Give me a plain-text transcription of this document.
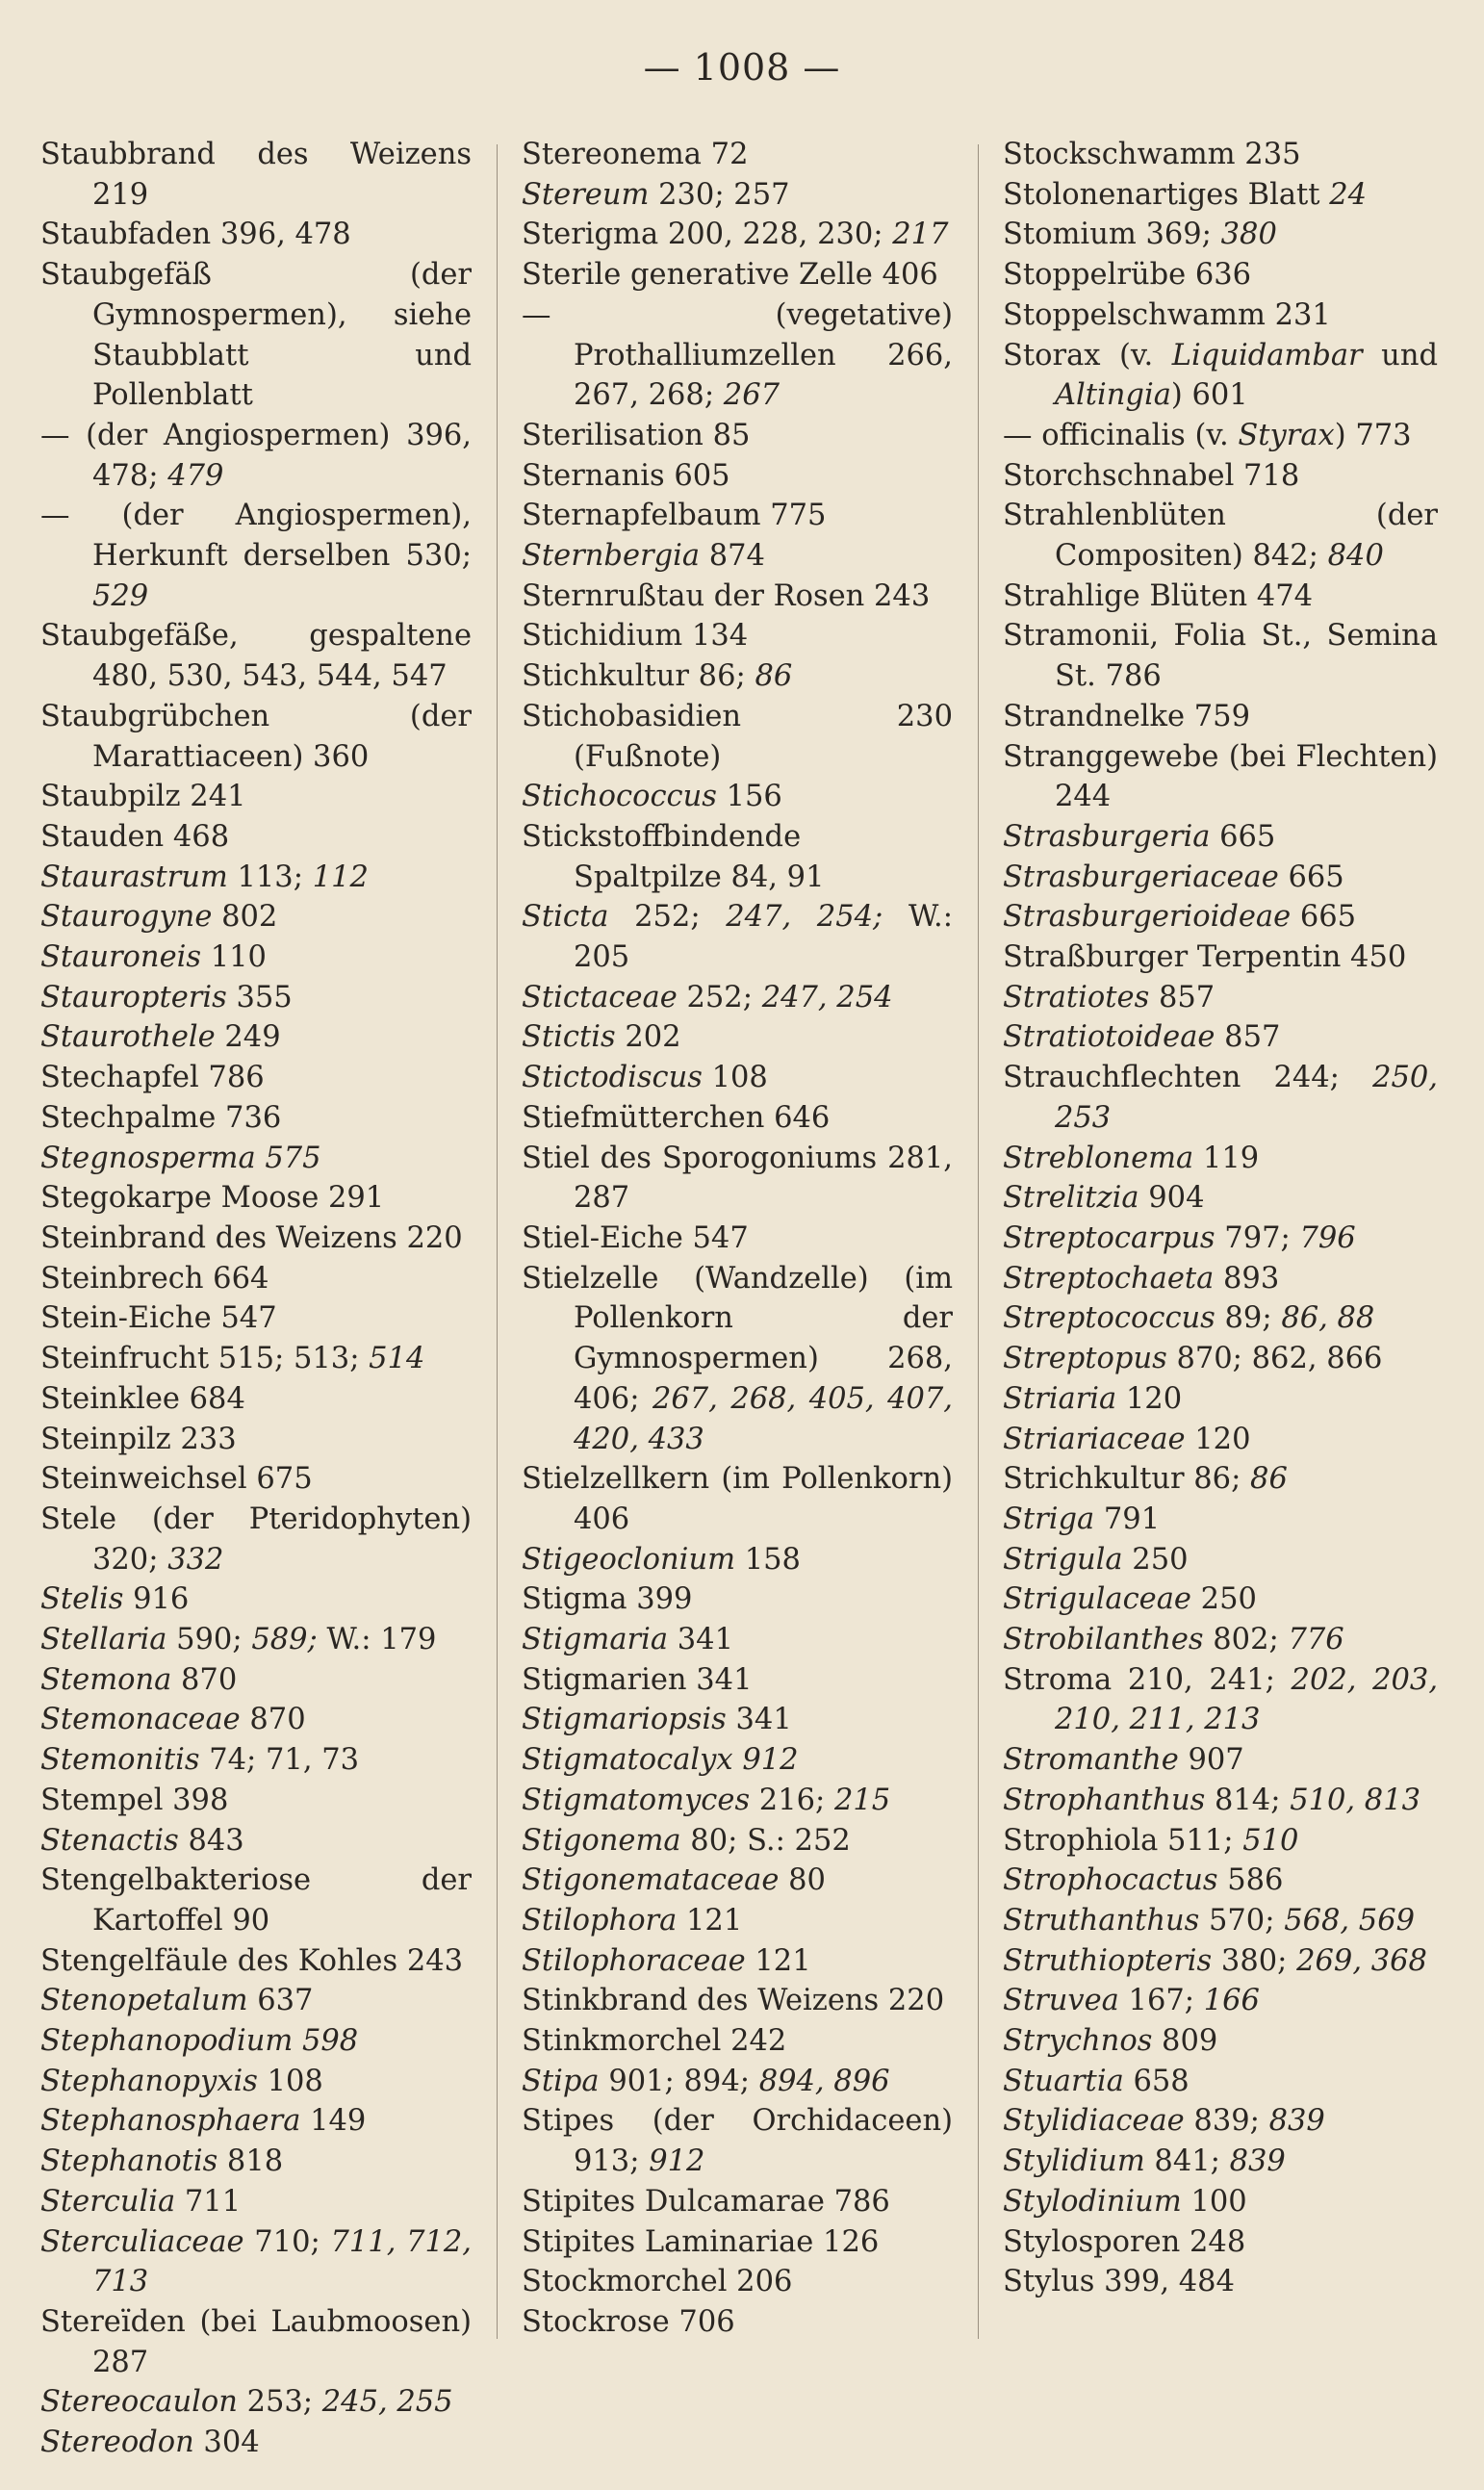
— 1008 —

Staubbrand des Weizens 219

Staubfaden 396, 478

Staubgefäß (der Gymnospermen), siehe Staubblatt und Pollenblatt

— (der Angiospermen) 396, 478; 479

— (der Angiospermen), Herkunft derselben 530; 529

Staubgefäße, gespaltene 480, 530, 543, 544, 547

Staubgrübchen (der Marattiaceen) 360

Staubpilz 241

Stauden 468

Staurastrum 113; 112

Staurogyne 802

Stauroneis 110

Stauropteris 355

Staurothele 249

Stechapfel 786

Stechpalme 736

Stegnosperma 575

Stegokarpe Moose 291

Steinbrand des Weizens 220

Steinbrech 664

Stein-Eiche 547

Steinfrucht 515; 513; 514

Steinklee 684

Steinpilz 233

Steinweichsel 675

Stele (der Pteridophyten) 320; 332

Stelis 916

Stellaria 590; 589; W.: 179

Stemona 870

Stemonaceae 870

Stemonitis 74; 71, 73

Stempel 398

Stenactis 843

Stengelbakteriose der Kartoffel 90

Stengelfäule des Kohles 243

Stenopetalum 637

Stephanopodium 598

Stephanopyxis 108

Stephanosphaera 149

Stephanotis 818

Sterculia 711

Sterculiaceae 710; 711, 712, 713

Stereïden (bei Laubmoosen) 287

Stereocaulon 253; 245, 255

Stereodon 304

Stereonema 72

Stereum 230; 257

Sterigma 200, 228, 230; 217

Sterile generative Zelle 406

— (vegetative) Prothalliumzellen 266, 267, 268; 267

Sterilisation 85

Sternanis 605

Sternapfelbaum 775

Sternbergia 874

Sternrußtau der Rosen 243

Stichidium 134

Stichkultur 86; 86

Stichobasidien 230 (Fußnote)

Stichococcus 156

Stickstoffbindende Spaltpilze 84, 91

Sticta 252; 247, 254; W.: 205

Stictaceae 252; 247, 254

Stictis 202

Stictodiscus 108

Stiefmütterchen 646

Stiel des Sporogoniums 281, 287

Stiel-Eiche 547

Stielzelle (Wandzelle) (im Pollenkorn der Gymnospermen) 268, 406; 267, 268, 405, 407, 420, 433

Stielzellkern (im Pollenkorn) 406

Stigeoclonium 158

Stigma 399

Stigmaria 341

Stigmarien 341

Stigmariopsis 341

Stigmatocalyx 912

Stigmatomyces 216; 215

Stigonema 80; S.: 252

Stigonemataceae 80

Stilophora 121

Stilophoraceae 121

Stinkbrand des Weizens 220

Stinkmorchel 242

Stipa 901; 894; 894, 896

Stipes (der Orchidaceen) 913; 912

Stipites Dulcamarae 786

Stipites Laminariae 126

Stockmorchel 206

Stockrose 706

Stockschwamm 235

Stolonenartiges Blatt 24

Stomium 369; 380

Stoppelrübe 636

Stoppelschwamm 231

Storax (v. Liquidambar und Altingia) 601

— officinalis (v. Styrax) 773

Storchschnabel 718

Strahlenblüten (der Compositen) 842; 840

Strahlige Blüten 474

Stramonii, Folia St., Semina St. 786

Strandnelke 759

Stranggewebe (bei Flechten) 244

Strasburgeria 665

Strasburgeriaceae 665

Strasburgerioideae 665

Straßburger Terpentin 450

Stratiotes 857

Stratiotoideae 857

Strauchflechten 244; 250, 253

Streblonema 119

Strelitzia 904

Streptocarpus 797; 796

Streptochaeta 893

Streptococcus 89; 86, 88

Streptopus 870; 862, 866

Striaria 120

Striariaceae 120

Strichkultur 86; 86

Striga 791

Strigula 250

Strigulaceae 250

Strobilanthes 802; 776

Stroma 210, 241; 202, 203, 210, 211, 213

Stromanthe 907

Strophanthus 814; 510, 813

Strophiola 511; 510

Strophocactus 586

Struthanthus 570; 568, 569

Struthiopteris 380; 269, 368

Struvea 167; 166

Strychnos 809

Stuartia 658

Stylidiaceae 839; 839

Stylidium 841; 839

Stylodinium 100

Stylosporen 248

Stylus 399, 484
